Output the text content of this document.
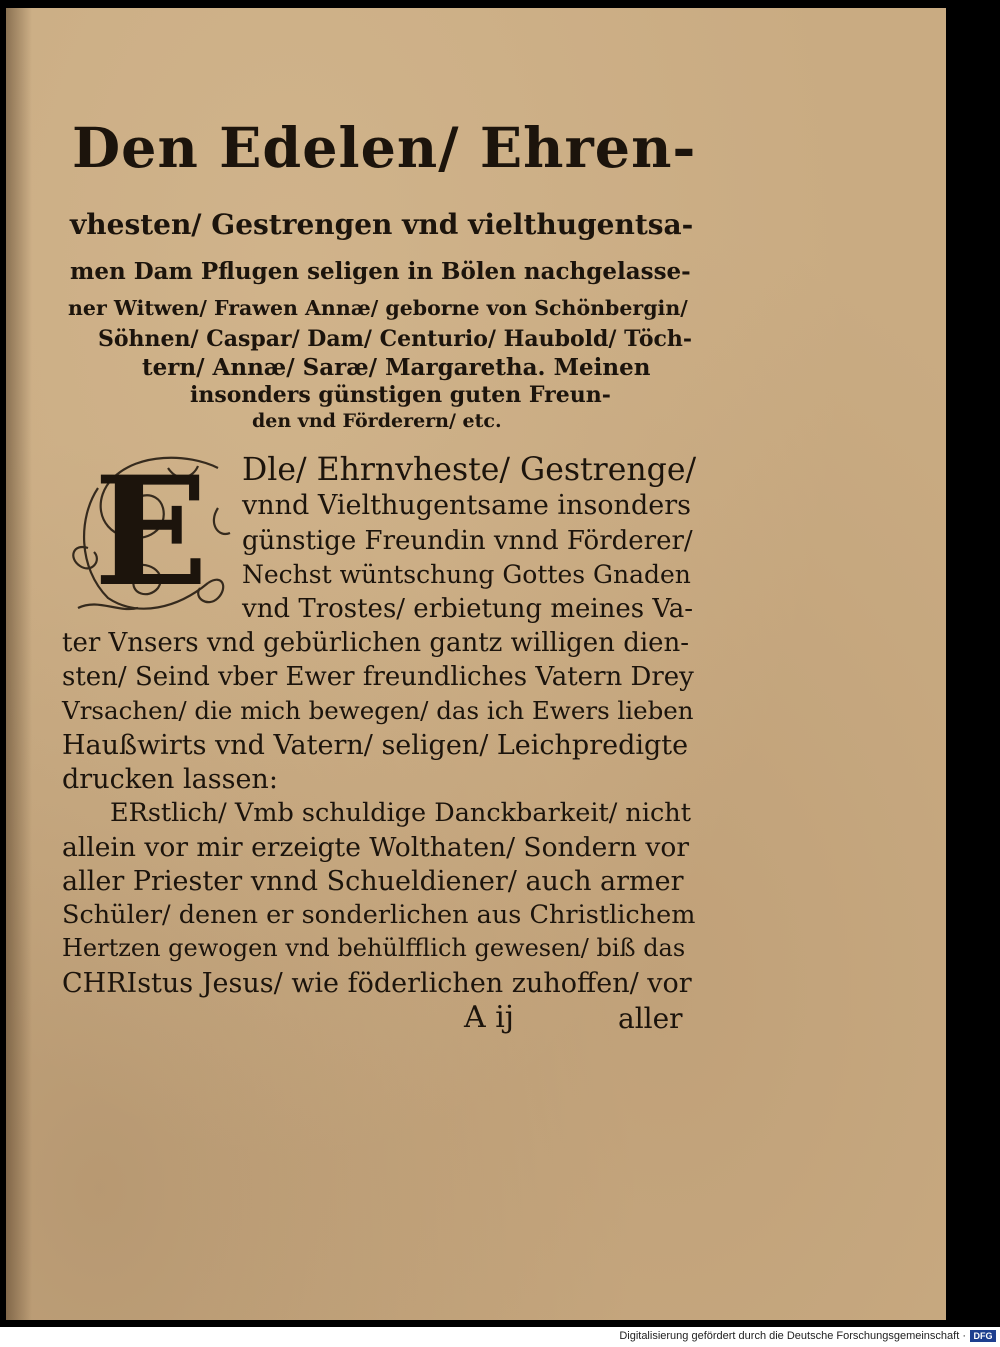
Den Edelen/ Ehren-

vhesten/ Gestrengen vnd vielthugentsa-

men Dam Pflugen seligen in Bölen nachgelasse-

ner Witwen/ Frawen Annæ/ geborne von Schönbergin/

Söhnen/ Caspar/ Dam/ Centurio/ Haubold/ Töch-

tern/ Annæ/ Saræ/ Margaretha. Meinen

insonders günstigen guten Freun-

den vnd Förderern/ etc.

E	Dle/ Ehrnvheste/ Gestrenge/

vnnd Vielthugentsame insonders

günstige Freundin vnnd Förderer/

Nechst wüntschung Gottes Gnaden

vnd Trostes/ erbietung meines Va-

ter Vnsers vnd gebürlichen gantz willigen dien-

sten/ Seind vber Ewer freundliches Vatern Drey

Vrsachen/ die mich bewegen/ das ich Ewers lieben

Haußwirts vnd Vatern/ seligen/ Leichpredigte

drucken lassen:

ERstlich/ Vmb schuldige Danckbarkeit/ nicht

allein vor mir erzeigte Wolthaten/ Sondern vor

aller Priester vnnd Schueldiener/ auch armer

Schüler/ denen er sonderlichen aus Christlichem

Hertzen gewogen vnd behülfflich gewesen/ biß das

CHRIstus Jesus/ wie föderlichen zuhoffen/ vor

A ij	aller

Digitalisierung gefördert durch die Deutsche Forschungsgemeinschaft · DFG
